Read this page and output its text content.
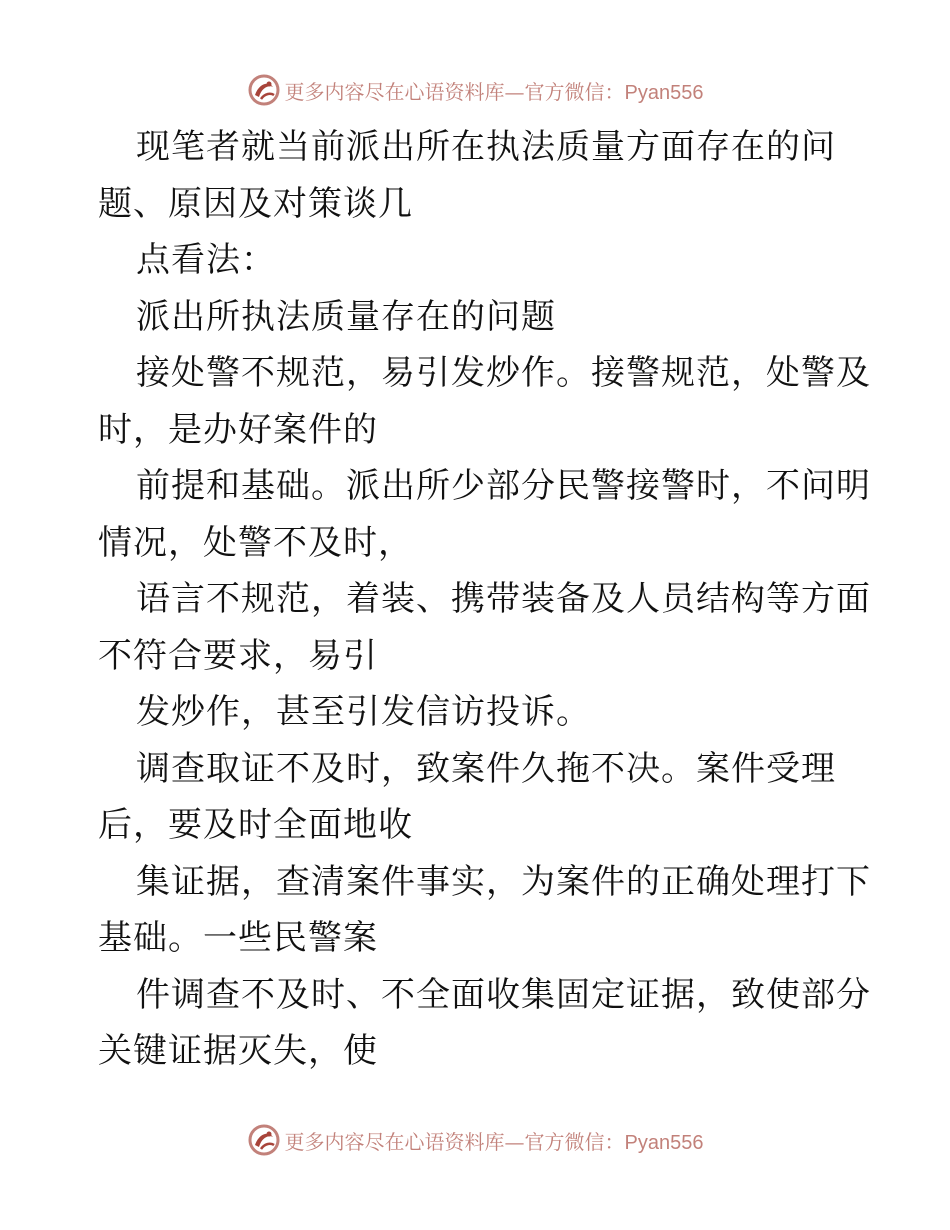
更多内容尽在心语资料库—官方微信：Pyan556
现笔者就当前派出所在执法质量方面存在的问
题、原因及对策谈几
点看法：
派出所执法质量存在的问题
接处警不规范，易引发炒作。接警规范，处警及
时，是办好案件的
前提和基础。派出所少部分民警接警时，不问明
情况，处警不及时，
语言不规范，着装、携带装备及人员结构等方面
不符合要求，易引
发炒作，甚至引发信访投诉。
调查取证不及时，致案件久拖不决。案件受理
后，要及时全面地收
集证据，查清案件事实，为案件的正确处理打下
基础。一些民警案
件调查不及时、不全面收集固定证据，致使部分
关键证据灭失，使
更多内容尽在心语资料库—官方微信：Pyan556
